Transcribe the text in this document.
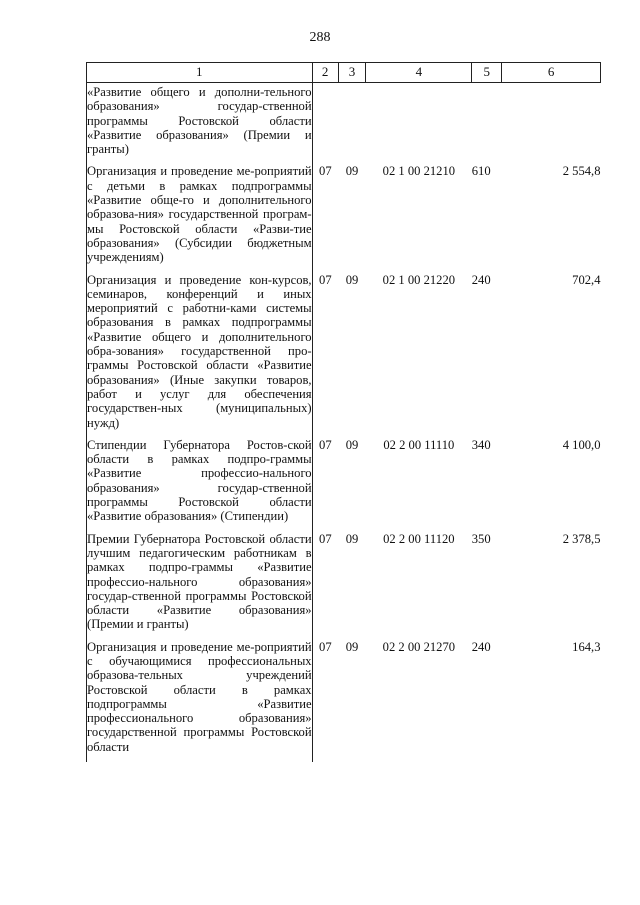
288
1	2	3	4	5	6
«Развитие общего и дополни-тельного образования» государ-ственной программы Ростовской области «Развитие образования» (Премии и гранты)					
Организация и проведение ме-роприятий с детьми в рамках подпрограммы «Развитие обще-го и дополнительного образова-ния» государственной програм-мы Ростовской области «Разви-тие образования» (Субсидии бюджетным учреждениям)	07	09	02 1 00 21210	610	2 554,8
Организация и проведение кон-курсов, семинаров, конференций и иных мероприятий с работни-ками системы образования в рамках подпрограммы «Развитие общего и дополнительного обра-зования» государственной про-граммы Ростовской области «Развитие образования» (Иные закупки товаров, работ и услуг для обеспечения государствен-ных (муниципальных) нужд)	07	09	02 1 00 21220	240	702,4
Стипендии Губернатора Ростов-ской области в рамках подпро-граммы «Развитие профессио-нального образования» государ-ственной программы Ростовской области «Развитие образования» (Стипендии)	07	09	02 2 00 11110	340	4 100,0
Премии Губернатора Ростовской области лучшим педагогическим работникам в рамках подпро-граммы «Развитие профессио-нального образования» государ-ственной программы Ростовской области «Развитие образования» (Премии и гранты)	07	09	02 2 00 11120	350	2 378,5
Организация и проведение ме-роприятий с обучающимися профессиональных образова-тельных учреждений Ростовской области в рамках подпрограммы «Развитие профессионального образования» государственной программы Ростовской области	07	09	02 2 00 21270	240	164,3
